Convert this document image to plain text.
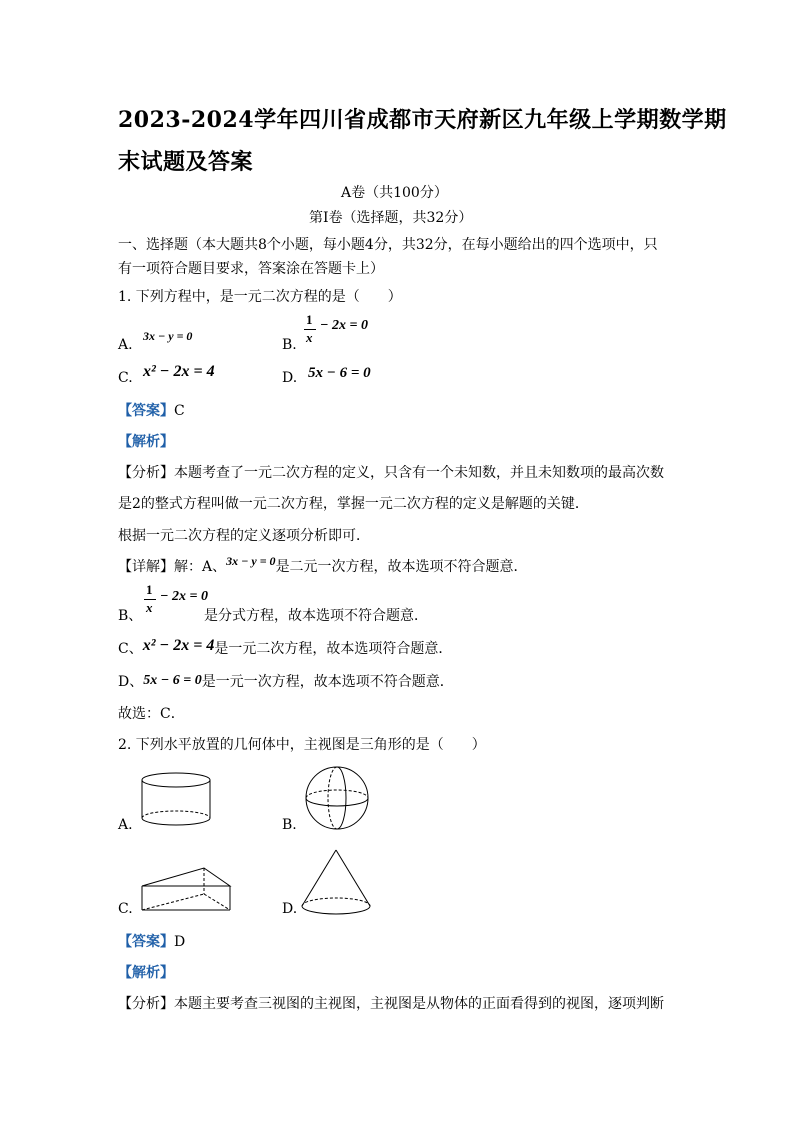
2023-2024学年四川省成都市天府新区九年级上学期数学期
末试题及答案
A卷（共100分）
第Ⅰ卷（选择题，共32分）
一、选择题（本大题共8个小题，每小题4分，共32分，在每小题给出的四个选项中，只
有一项符合题目要求，答案涂在答题卡上）
1. 下列方程中，是一元二次方程的是（　　）
A.
3x − y = 0
B.
1
x
− 2x = 0
C. x² − 2x = 4	D. 5x − 6 = 0
【答案】C
【解析】
【分析】本题考查了一元二次方程的定义，只含有一个未知数，并且未知数项的最高次数
是2的整式方程叫做一元二次方程，掌握一元二次方程的定义是解题的关键．
根据一元二次方程的定义逐项分析即可．
【详解】解：A、3x − y = 0是二元一次方程，故本选项不符合题意．
B、
1
x
− 2x = 0
是分式方程，故本选项不符合题意．
C、x² − 2x = 4是一元二次方程，故本选项符合题意．
D、5x − 6 = 0是一元一次方程，故本选项不符合题意．
故选：C．
2. 下列水平放置的几何体中，主视图是三角形的是（　　）
A.	B.
C.	D.
【答案】D
【解析】
【分析】本题主要考查三视图的主视图，主视图是从物体的正面看得到的视图，逐项判断
